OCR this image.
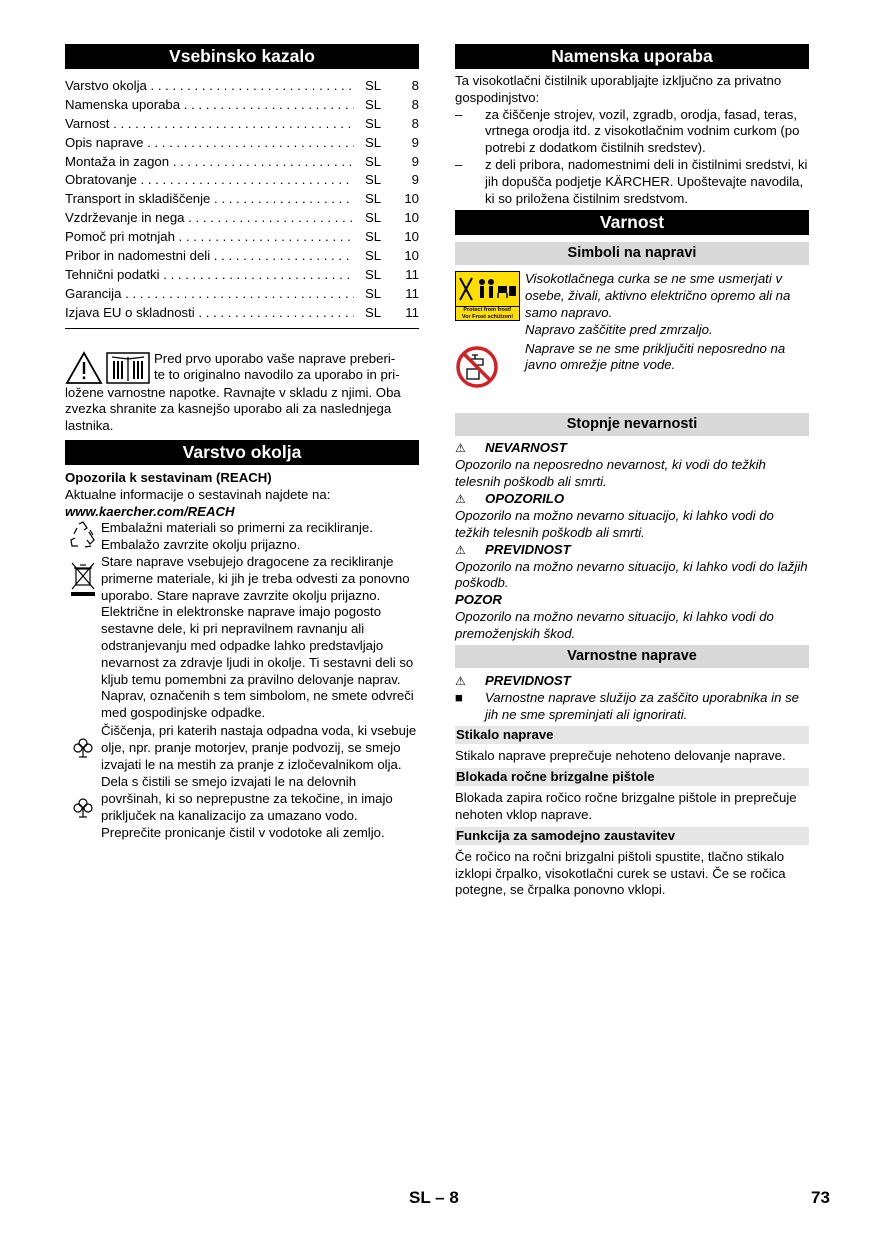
Vsebinsko kazalo
Varstvo okolja . . .	SL	8
Namenska uporaba . . .	SL	8
Varnost . . .	SL	8
Opis naprave . . .	SL	9
Montaža in zagon . . .	SL	9
Obratovanje . . .	SL	9
Transport in skladiščenje . . .	SL	10
Vzdrževanje in nega . . .	SL	10
Pomoč pri motnjah . . .	SL	10
Pribor in nadomestni deli . . .	SL	10
Tehnični podatki . . .	SL	11
Garancija . . .	SL	11
Izjava EU o skladnosti . . .	SL	11

Pred prvo uporabo vaše naprave preberi-

te to originalno navodilo za uporabo in pri-

ložene varnostne napotke. Ravnajte v skladu z njimi. Oba zvezka shranite za kasnejšo uporabo ali za naslednjega lastnika.

Varstvo okolja

Opozorila k sestavinam (REACH)

Aktualne informacije o sestavinah najdete na:

www.kaercher.com/REACH

Embalažni materiali so primerni za recikliranje. Embalažo zavrzite okolju prijazno.

Stare naprave vsebujejo dragocene za recikliranje primerne materiale, ki jih je treba odvesti za ponovno uporabo. Stare naprave zavrzite okolju prijazno.

Električne in elektronske naprave imajo pogosto sestavne dele, ki pri nepravilnem ravnanju ali odstranjevanju med odpadke lahko predstavljajo nevarnost za zdravje ljudi in okolje. Ti sestavni deli so kljub temu pomembni za pravilno delovanje naprav. Naprav, označenih s tem simbolom, ne smete odvreči med gospodinjske odpadke.

Čiščenja, pri katerih nastaja odpadna voda, ki vsebuje olje, npr. pranje motorjev, pranje podvozij, se smejo izvajati le na mestih za pranje z izločevalnikom olja.

Dela s čistili se smejo izvajati le na delovnih površinah, ki so neprepustne za tekočine, in imajo priključek na kanalizacijo za umazano vodo. Preprečite pronicanje čistil v vodotoke ali zemljo.

Namenska uporaba

Ta visokotlačni čistilnik uporabljajte izključno za privatno gospodinjstvo:

–	za čiščenje strojev, vozil, zgradb, orodja, fasad, teras, vrtnega orodja itd. z visokotlačnim vodnim curkom (po potrebi z dodatkom čistilnih sredstev).

–	z deli pribora, nadomestnimi deli in čistilnimi sredstvi, ki jih dopušča podjetje KÄRCHER. Upoštevajte navodila, ki so priložena čistilnim sredstvom.

Varnost
Simboli na napravi
Protect from frost!
Vor Frost schützen!

Visokotlačnega curka se ne sme usmerjati v osebe, živali, aktivno električno opremo ali na samo napravo.

Napravo zaščitite pred zmrzaljo.

Naprave se ne sme priključiti neposredno na javno omrežje pitne vode.

Stopnje nevarnosti
⚠	NEVARNOST

Opozorilo na neposredno nevarnost, ki vodi do težkih telesnih poškodb ali smrti.

⚠	OPOZORILO

Opozorilo na možno nevarno situacijo, ki lahko vodi do težkih telesnih poškodb ali smrti.

⚠	PREVIDNOST

Opozorilo na možno nevarno situacijo, ki lahko vodi do lažjih poškodb.

POZOR

Opozorilo na možno nevarno situacijo, ki lahko vodi do premoženjskih škod.

Varnostne naprave
⚠	PREVIDNOST
■	Varnostne naprave služijo za zaščito uporabnika in se jih ne sme spreminjati ali ignorirati.

Stikalo naprave

Stikalo naprave preprečuje nehoteno delovanje naprave.

Blokada ročne brizgalne pištole

Blokada zapira ročico ročne brizgalne pištole in preprečuje nehoten vklop naprave.

Funkcija za samodejno zaustavitev

Če ročico na ročni brizgalni pištoli spustite, tlačno stikalo izklopi črpalko, visokotlačni curek se ustavi. Če se ročica potegne, se črpalka ponovno vklopi.

SL – 8	73
